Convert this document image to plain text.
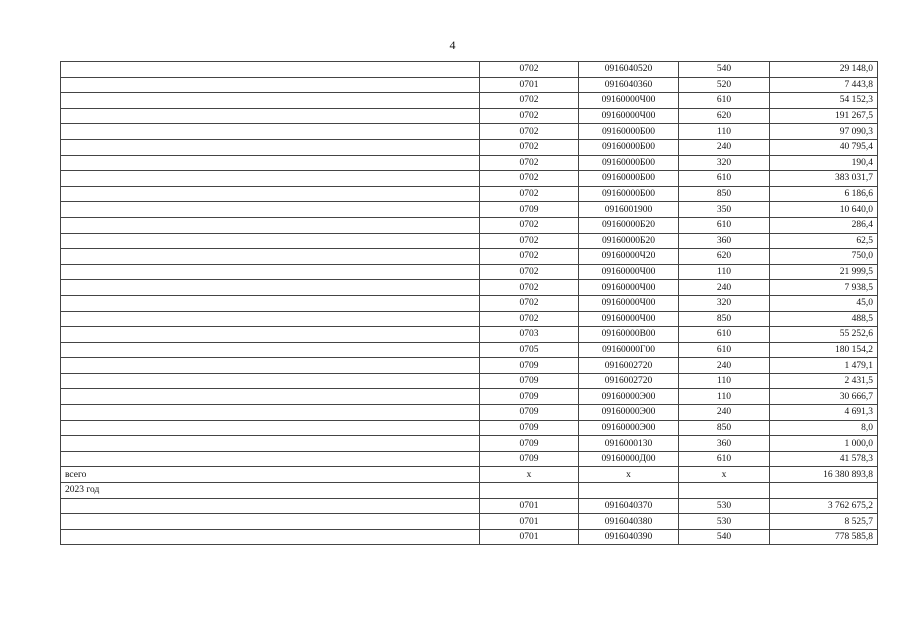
4
	0702	0916040520	540	29 148,0
	0701	0916040360	520	7 443,8
	0702	09160000Ч00	610	54 152,3
	0702	09160000Ч00	620	191 267,5
	0702	09160000Б00	110	97 090,3
	0702	09160000Б00	240	40 795,4
	0702	09160000Б00	320	190,4
	0702	09160000Б00	610	383 031,7
	0702	09160000Б00	850	6 186,6
	0709	0916001900	350	10 640,0
	0702	09160000Б20	610	286,4
	0702	09160000Б20	360	62,5
	0702	09160000Ч20	620	750,0
	0702	09160000Ч00	110	21 999,5
	0702	09160000Ч00	240	7 938,5
	0702	09160000Ч00	320	45,0
	0702	09160000Ч00	850	488,5
	0703	09160000В00	610	55 252,6
	0705	09160000Г00	610	180 154,2
	0709	0916002720	240	1 479,1
	0709	0916002720	110	2 431,5
	0709	09160000Э00	110	30 666,7
	0709	09160000Э00	240	4 691,3
	0709	09160000Э00	850	8,0
	0709	0916000130	360	1 000,0
	0709	09160000Д00	610	41 578,3
всего	x	x	x	16 380 893,8
2023 год				
	0701	0916040370	530	3 762 675,2
	0701	0916040380	530	8 525,7
	0701	0916040390	540	778 585,8
